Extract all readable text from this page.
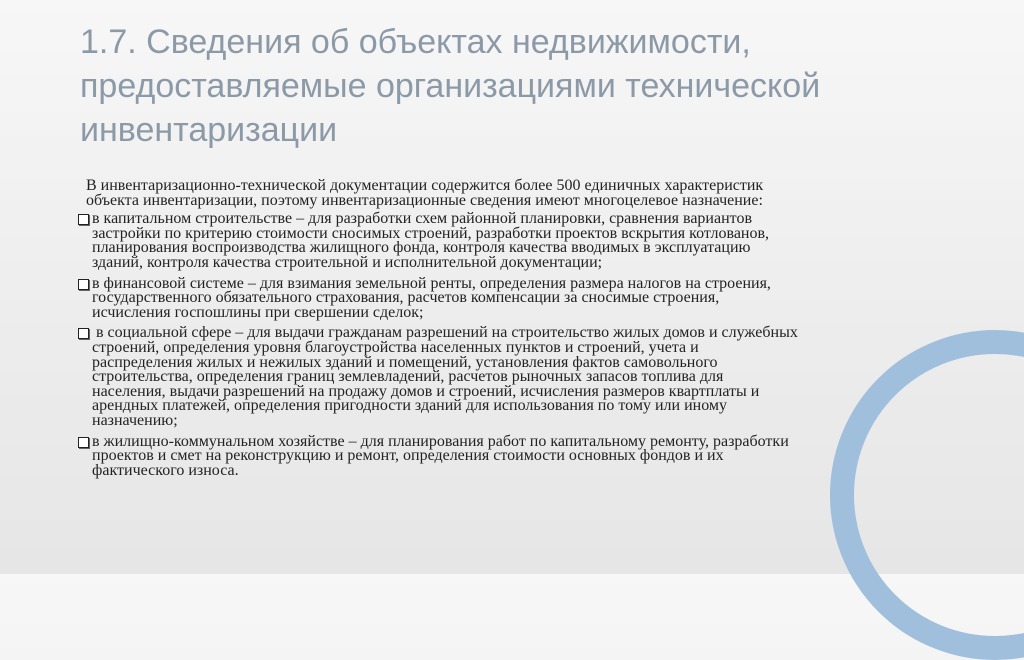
1.7. Сведения об объектах недвижимости,
предоставляемые организациями технической
инвентаризации
В инвентаризационно-технической документации содержится более 500 единичных характеристик
объекта инвентаризации, поэтому инвентаризационные сведения имеют многоцелевое назначение:
в капитальном строительстве – для разработки схем районной планировки, сравнения вариантов
застройки по критерию стоимости сносимых строений, разработки проектов вскрытия котлованов,
планирования воспроизводства жилищного фонда, контроля качества вводимых в эксплуатацию
зданий, контроля качества строительной и исполнительной документации;
в финансовой системе – для взимания земельной ренты, определения размера налогов на строения,
государственного обязательного страхования, расчетов компенсации за сносимые строения,
исчисления госпошлины при свершении сделок;
в социальной сфере – для выдачи гражданам разрешений на строительство жилых домов и служебных
строений, определения уровня благоустройства населенных пунктов и строений, учета и
распределения жилых и нежилых зданий и помещений, установления фактов самовольного
строительства, определения границ землевладений, расчетов рыночных запасов топлива для
населения, выдачи разрешений на продажу домов и строений, исчисления размеров квартплаты и
арендных платежей, определения пригодности зданий для использования по тому или иному
назначению;
в жилищно-коммунальном хозяйстве – для планирования работ по капитальному ремонту, разработки
проектов и смет на реконструкцию и ремонт, определения стоимости основных фондов и их
фактического износа.
